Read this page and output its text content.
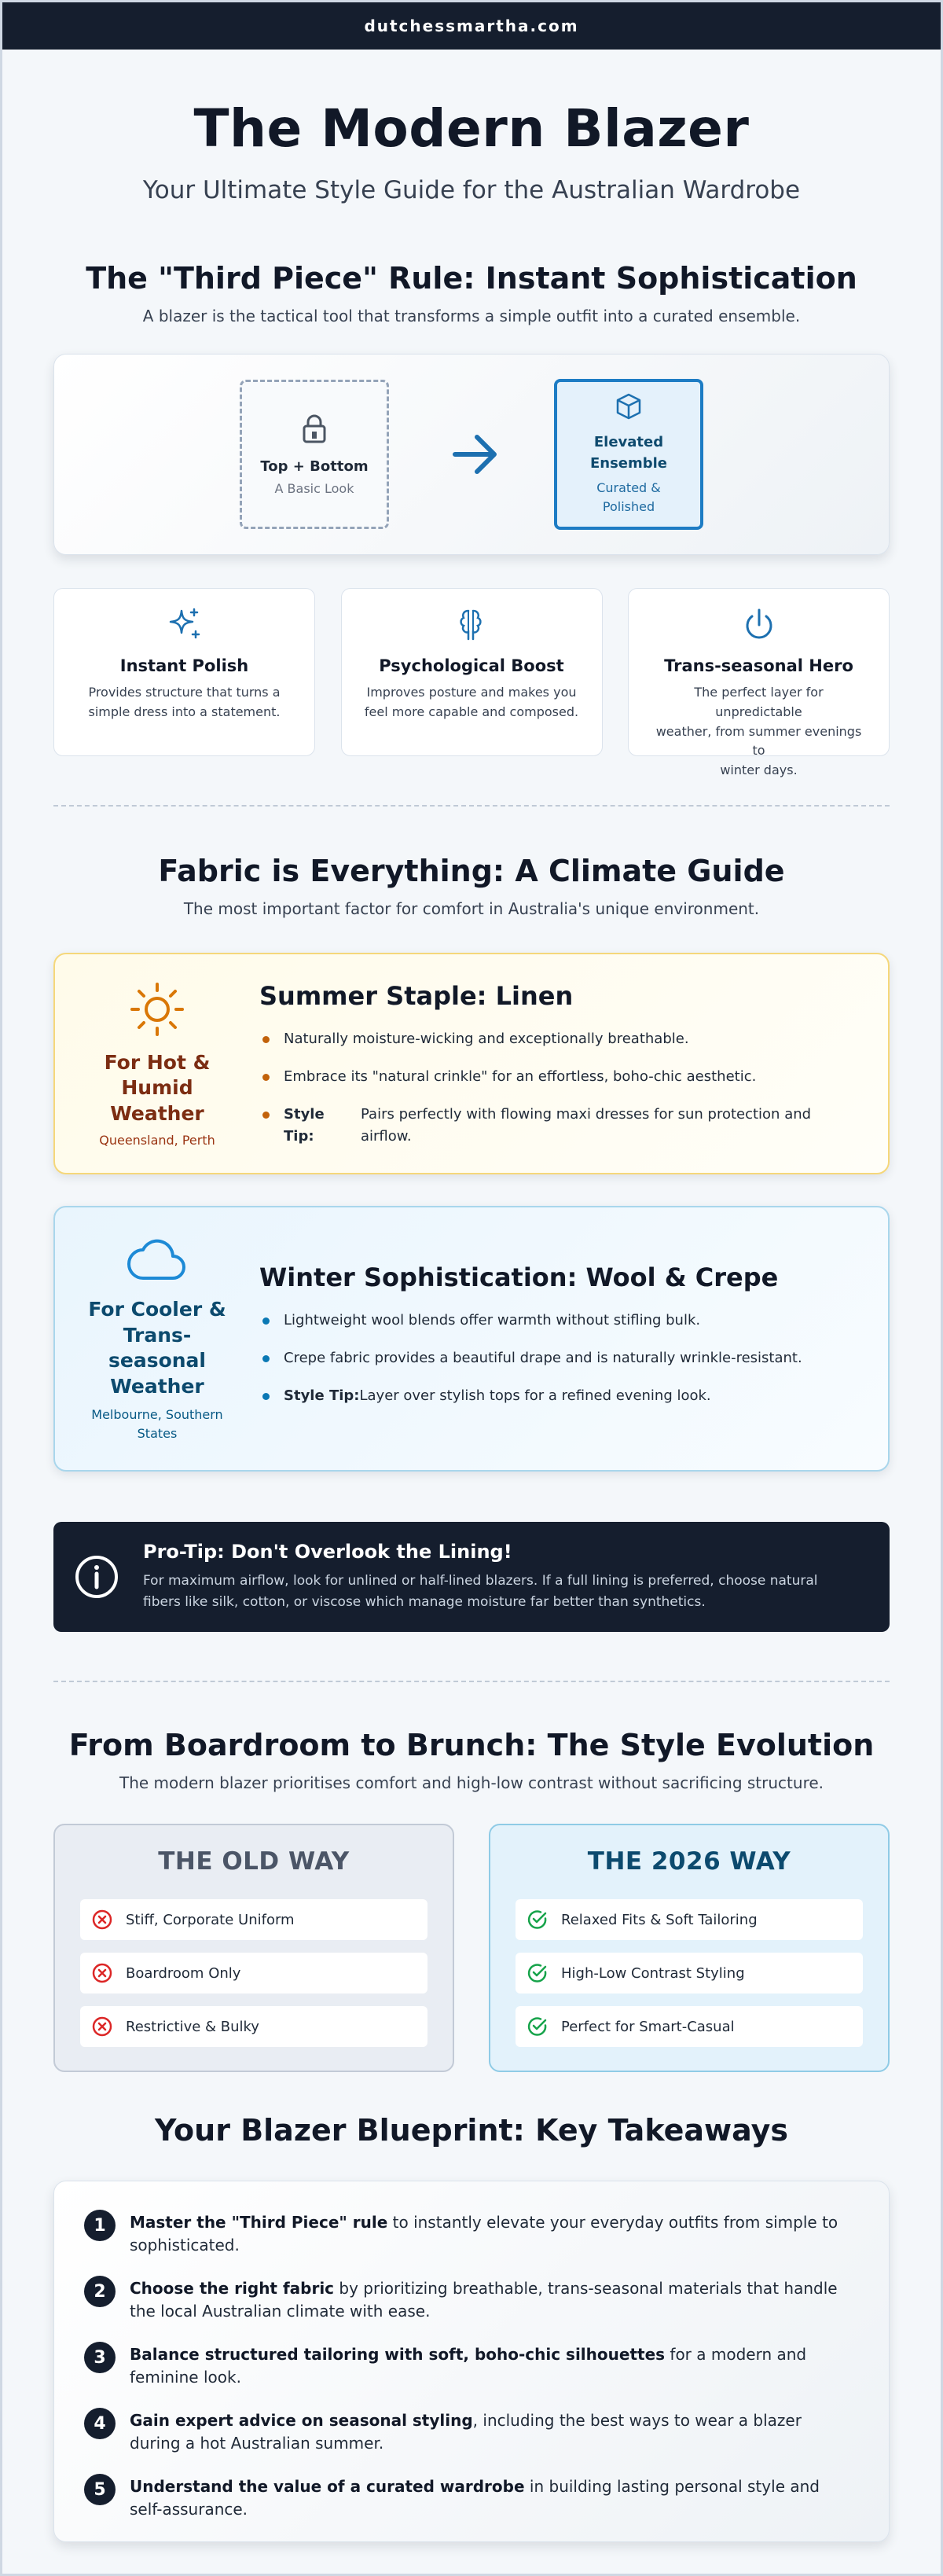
dutchessmartha.com
The Modern Blazer
Your Ultimate Style Guide for the Australian Wardrobe
The "Third Piece" Rule: Instant Sophistication
A blazer is the tactical tool that transforms a simple outfit into a curated ensemble.
Top + Bottom
A Basic Look
Elevated
Ensemble
Curated &
Polished
Instant Polish
Provides structure that turns a
simple dress into a statement.
Psychological Boost
Improves posture and makes you
feel more capable and composed.
Trans-seasonal Hero
The perfect layer for unpredictable
weather, from summer evenings to
winter days.
Fabric is Everything: A Climate Guide
The most important factor for comfort in Australia's unique environment.
For Hot &
Humid
Weather
Queensland, Perth
Summer Staple: Linen
Naturally moisture-wicking and exceptionally breathable.
Embrace its "natural crinkle" for an effortless, boho-chic aesthetic.
Style Tip:
Pairs perfectly with flowing maxi dresses for sun protection and airflow.
For Cooler &
Trans-
seasonal
Weather
Melbourne, Southern
States
Winter Sophistication: Wool & Crepe
Lightweight wool blends offer warmth without stifling bulk.
Crepe fabric provides a beautiful drape and is naturally wrinkle-resistant.
Style Tip: Layer over stylish tops for a refined evening look.
Pro-Tip: Don't Overlook the Lining!
For maximum airflow, look for unlined or half-lined blazers. If a full lining is preferred, choose natural
fibers like silk, cotton, or viscose which manage moisture far better than synthetics.
From Boardroom to Brunch: The Style Evolution
The modern blazer prioritises comfort and high-low contrast without sacrificing structure.
THE OLD WAY
Stiff, Corporate Uniform
Boardroom Only
Restrictive & Bulky
THE 2026 WAY
Relaxed Fits & Soft Tailoring
High-Low Contrast Styling
Perfect for Smart-Casual
Your Blazer Blueprint: Key Takeaways
1	Master the "Third Piece" rule to instantly elevate your everyday outfits from simple to sophisticated.
2	Choose the right fabric by prioritizing breathable, trans-seasonal materials that handle the local Australian climate with ease.
3	Balance structured tailoring with soft, boho-chic silhouettes for a modern and feminine look.
4	Gain expert advice on seasonal styling, including the best ways to wear a blazer during a hot Australian summer.
5	Understand the value of a curated wardrobe in building lasting personal style and self-assurance.
